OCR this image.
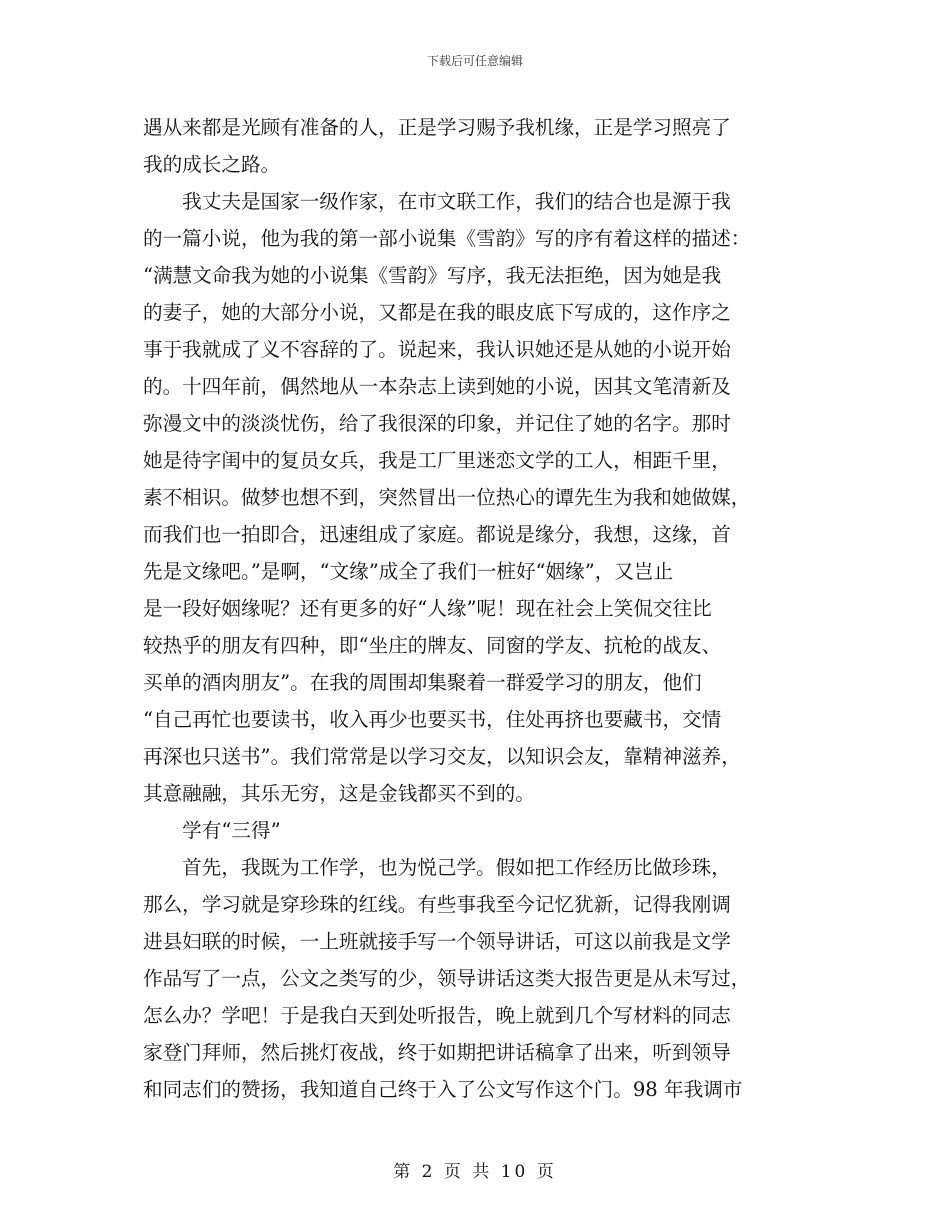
下载后可任意编辑
遇从来都是光顾有准备的人，正是学习赐予我机缘，正是学习照亮了
我的成长之路。
　　我丈夫是国家一级作家，在市文联工作，我们的结合也是源于我
的一篇小说，他为我的第一部小说集《雪韵》写的序有着这样的描述：
“满慧文命我为她的小说集《雪韵》写序，我无法拒绝，因为她是我
的妻子，她的大部分小说，又都是在我的眼皮底下写成的，这作序之
事于我就成了义不容辞的了。说起来，我认识她还是从她的小说开始
的。十四年前，偶然地从一本杂志上读到她的小说，因其文笔清新及
弥漫文中的淡淡忧伤，给了我很深的印象，并记住了她的名字。那时
她是待字闺中的复员女兵，我是工厂里迷恋文学的工人，相距千里，
素不相识。做梦也想不到，突然冒出一位热心的谭先生为我和她做媒，
而我们也一拍即合，迅速组成了家庭。都说是缘分，我想，这缘，首
先是文缘吧。”是啊，“文缘”成全了我们一桩好“姻缘”，又岂止
是一段好姻缘呢？还有更多的好“人缘”呢！现在社会上笑侃交往比
较热乎的朋友有四种，即“坐庄的牌友、同窗的学友、抗枪的战友、
买单的酒肉朋友”。在我的周围却集聚着一群爱学习的朋友，他们
“自己再忙也要读书，收入再少也要买书，住处再挤也要藏书，交情
再深也只送书”。我们常常是以学习交友，以知识会友，靠精神滋养，
其意融融，其乐无穷，这是金钱都买不到的。
　　学有“三得”
　　首先，我既为工作学，也为悦己学。假如把工作经历比做珍珠，
那么，学习就是穿珍珠的红线。有些事我至今记忆犹新，记得我刚调
进县妇联的时候，一上班就接手写一个领导讲话，可这以前我是文学
作品写了一点，公文之类写的少，领导讲话这类大报告更是从未写过，
怎么办？学吧！于是我白天到处听报告，晚上就到几个写材料的同志
家登门拜师，然后挑灯夜战，终于如期把讲话稿拿了出来，听到领导
和同志们的赞扬，我知道自己终于入了公文写作这个门。98 年我调市
第 2 页 共 10 页
